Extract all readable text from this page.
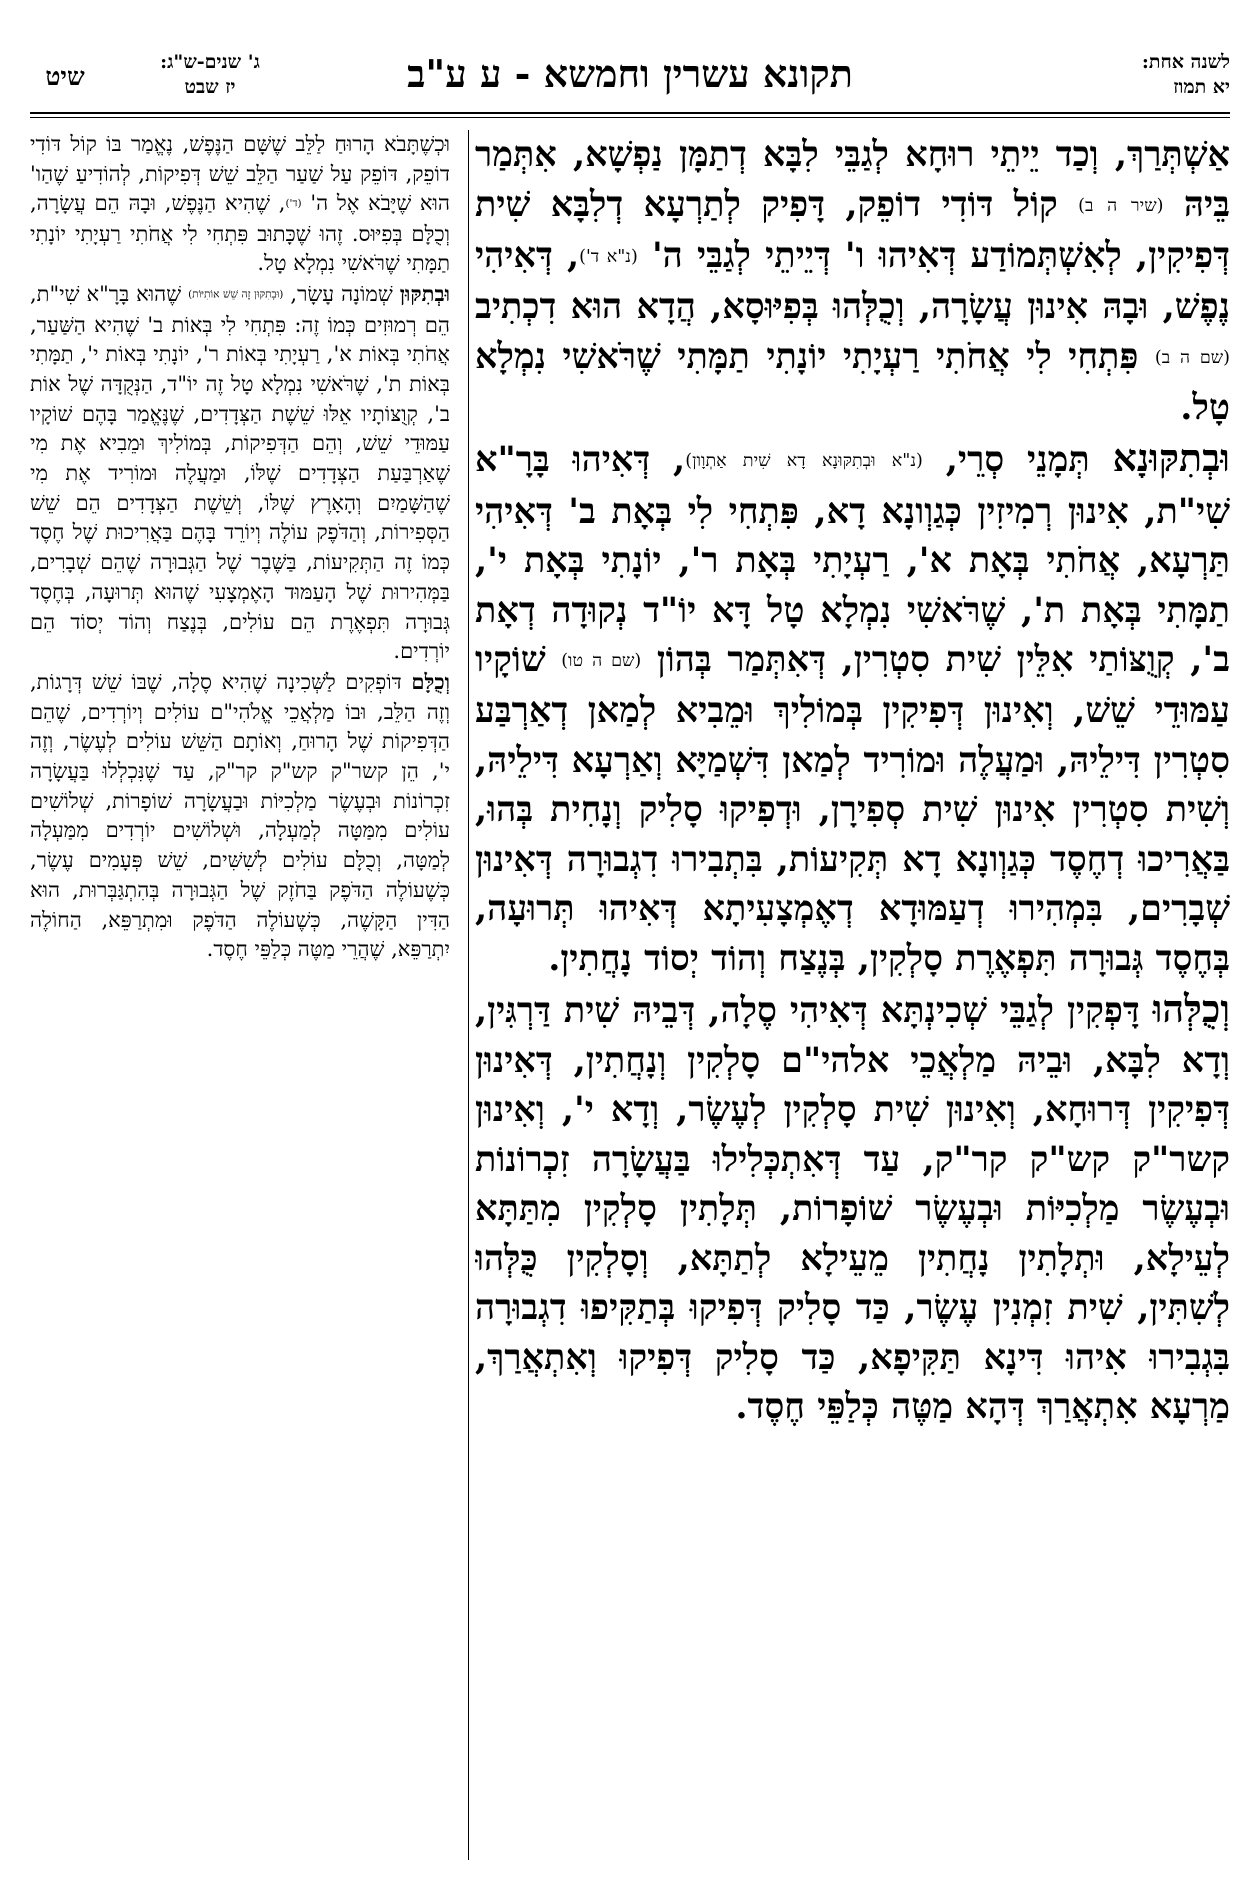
לשנה אחת:
יא תמוז
תקונא עשרין וחמשא - ע ע"ב
ג' שנים-ש"ג:
יז שבט
שיט

אַשְׁתְּרַךְ, וְכַד יֵיתֵי רוּחָא לְגַבֵּי לִבָּא דְתַמָּן נַפְשָׁא, אִתְּמַר בֵּיהּ (שיר ה ב) קוֹל דּוֹדִי דוֹפֵק, דָּפִיק לְתַרְעָא דְלִבָּא שִׁית דְּפִיקִין, לְאִשְׁתְּמוֹדַע דְּאִיהוּ ו' דְּיֵיתֵי לְגַבֵּי ה' (נ"א ד'), דְּאִיהִי נֶפֶשׁ, וּבָהּ אִינוּן עֲשָׂרָה, וְכֻלְּהוּ בְּפִיּוּסָא, הֲדָא הוּא דִכְתִיב (שם ה ב) פִּתְחִי לִי אֲחֹתִי רַעְיָתִי יוֹנָתִי תַמָּתִי שֶׁרֹּאשִׁי נִמְלָא טָל.

וּבְתִקּוּנָא תְּמָנֵי סְרֵי, (נ"א וּבְתִקּוּנָא דָא שִׁית אַתְוָון), דְּאִיהוּ בָּרָ"א שִׁי"ת, אִינוּן רְמִיזִין כְּגַוְונָא דָא, פִּתְחִי לִי בְּאָת ב' דְּאִיהִי תַּרְעָא, אֲחֹתִי בְּאָת א', רַעְיָתִי בְּאָת ר', יוֹנָתִי בְּאָת י', תַמָּתִי בְּאָת ת', שֶׁרֹּאשִׁי נִמְלָא טָל דָּא יוֹ"ד נְקוּדָה דְאָת ב', קְוֻצּוֹתַי אִלֵּין שִׁית סִטְרִין, דְּאִתְּמַר בְּהוֹן (שם ה טו) שׁוֹקָיו עַמּוּדֵי שֵׁשׁ, וְאִינוּן דְּפִיקִין בְּמוֹלִיךְ וּמֵבִיא לְמַאן דְאַרְבַּע סִטְרִין דִּילֵיהּ, וּמַעֲלֶה וּמוֹרִיד לְמַאן דִּשְׁמַיָּא וְאַרְעָא דִּילֵיהּ, וְשִׁית סִטְרִין אִינוּן שִׁית סְפִירָן, וּדְפִיקוּ סָלִיק וְנָחִית בְּהוּ, בַּאֲרִיכוּ דְחֶסֶד כְּגַוְונָא דָא תְּקִיעוֹת, בִּתְבִירוּ דִגְבוּרָה דְּאִינוּן שְׁבָרִים, בִּמְהִירוּ דְעַמּוּדָא דְאֶמְצָעִיתָא דְּאִיהוּ תְּרוּעָה, בְּחֶסֶד גְּבוּרָה תִּפְאֶרֶת סָלְקִין, בְּנֶצַח וְהוֹד יְסוֹד נָחֲתִין.

וְכֻלְּהוּ דָּפְקִין לְגַבֵּי שְׁכִינְתָּא דְּאִיהִי סֶלָה, דְּבֵיהּ שִׁית דַּרְגִּין, וְדָא לִבָּא, וּבֵיהּ מַלְאֲכֵי אלהי"ם סָלְקִין וְנָחֲתִין, דְּאִינוּן דְּפִיקִין דְּרוּחָא, וְאִינוּן שִׁית סָלְקִין לְעֶשֶׂר, וְדָא י', וְאִינוּן קשר"ק קש"ק קר"ק, עַד דְּאִתְכְּלִילוּ בַּעֲשָׂרָה זִכְרוֹנוֹת וּבְעֶשֶׂר מַלְכִיּוֹת וּבְעֶשֶׂר שׁוֹפָרוֹת, תְּלָתִין סָלְקִין מִתַּתָּא לְעֵילָא, וּתְלָתִין נָחֲתִין מֵעֵילָא לְתַתָּא, וְסָלְקִין כֻּלְּהוּ לְשִׁתִּין, שִׁית זִמְנִין עֶשֶׂר, כַּד סָלִיק דְּפִיקוּ בְּתַקִּיפוּ דִגְבוּרָה בִּגְבִירוּ אִיהוּ דִּינָא תַּקִּיפָא, כַּד סָלִיק דְּפִיקוּ וְאִתְאֲרַךְ, מַרְעָא אִתְאֲרַךְ דְּהָא מַטֶּה כְּלַפֵּי חֶסֶד.

וּכְשֶׁתָּבֹא הָרוּחַ לַלֵּב שֶׁשָּׁם הַנֶּפֶשׁ, נֶאֱמַר בּוֹ קוֹל דּוֹדִי דוֹפֵק, דּוֹפֵק עַל שַׁעַר הַלֵּב שֵׁשׁ דְּפִיקוֹת, לְהוֹדִיעַ שֶׁהַו' הוּא שֶׁיָּבֹא אֶל ה' (ד'), שֶׁהִיא הַנֶּפֶשׁ, וּבָהּ הֵם עֲשָׂרָה, וְכֻלָּם בְּפִיּוּס. זֶהוּ שֶׁכָּתוּב פִּתְחִי לִי אֲחֹתִי רַעְיָתִי יוֹנָתִי תַמָּתִי שֶׁרֹּאשִׁי נִמְלָא טָל.

וּבְתִקּוּן שְׁמוֹנָה עָשָׂר, (וּבְתִקּוּן זֶה שֵׁשׁ אוֹתִיּוֹת) שֶׁהוּא בָּרָ"א שִׁי"ת, הֵם רְמוּזִים כְּמוֹ זֶה: פִּתְחִי לִי בְּאוֹת ב' שֶׁהִיא הַשַּׁעַר, אֲחֹתִי בְּאוֹת א', רַעְיָתִי בְּאוֹת ר', יוֹנָתִי בְּאוֹת י', תַמָּתִי בְּאוֹת ת', שֶׁרֹּאשִׁי נִמְלָא טָל זֶה יוֹ"ד, הַנְּקֻדָּה שֶׁל אוֹת ב', קְוֻצּוֹתָיו אֵלּוּ שֵׁשֶׁת הַצְּדָדִים, שֶׁנֶּאֱמַר בָּהֶם שׁוֹקָיו עַמּוּדֵי שֵׁשׁ, וְהֵם הַדְּפִיקוֹת, בְּמוֹלִיךְ וּמֵבִיא אֶת מִי שֶׁאַרְבַּעַת הַצְּדָדִים שֶׁלּוֹ, וּמַעֲלֶה וּמוֹרִיד אֶת מִי שֶׁהַשָּׁמַיִם וְהָאָרֶץ שֶׁלּוֹ, וְשֵׁשֶׁת הַצְּדָדִים הֵם שֵׁשׁ הַסְּפִירוֹת, וְהַדֹּפֶק עוֹלֶה וְיוֹרֵד בָּהֶם בַּאֲרִיכוּת שֶׁל חֶסֶד כְּמוֹ זֶה הַתְּקִיעוֹת, בַּשֶּׁבֶר שֶׁל הַגְּבוּרָה שֶׁהֵם שְׁבָרִים, בַּמְּהִירוּת שֶׁל הָעַמּוּד הָאֶמְצָעִי שֶׁהוּא תְּרוּעָה, בְּחֶסֶד גְּבוּרָה תִּפְאֶרֶת הֵם עוֹלִים, בְּנֶצַח וְהוֹד יְסוֹד הֵם יוֹרְדִים.

וְכֻלָּם דּוֹפְקִים לַשְּׁכִינָה שֶׁהִיא סֶלָה, שֶׁבּוֹ שֵׁשׁ דְּרָגוֹת, וְזֶה הַלֵּב, וּבוֹ מַלְאֲכֵי אֱלֹהִי"ם עוֹלִים וְיוֹרְדִים, שֶׁהֵם הַדְּפִיקוֹת שֶׁל הָרוּחַ, וְאוֹתָם הַשֵּׁשׁ עוֹלִים לְעֶשֶׂר, וְזֶה י', הֵן קשר"ק קש"ק קר"ק, עַד שֶׁנִּכְלְלוּ בַּעֲשָׂרָה זִכְרוֹנוֹת וּבְעֶשֶׂר מַלְכִיּוֹת וּבַעֲשָׂרָה שׁוֹפָרוֹת, שְׁלוֹשִׁים עוֹלִים מִמַּטָּה לְמַעְלָה, וּשְׁלוֹשִׁים יוֹרְדִים מִמַּעְלָה לְמַטָּה, וְכֻלָּם עוֹלִים לְשִׁשִּׁים, שֵׁשׁ פְּעָמִים עֶשֶׂר, כְּשֶׁעוֹלֶה הַדֹּפֶק בַּחֹזֶק שֶׁל הַגְּבוּרָה בְּהִתְגַּבְּרוּת, הוּא הַדִּין הַקָּשֶׁה, כְּשֶׁעוֹלֶה הַדֹּפֶק וּמִתְרַפֵּא, הַחוֹלֶה יִתְרַפֵּא, שֶׁהֲרֵי מַטֶּה כְּלַפֵּי חֶסֶד.
